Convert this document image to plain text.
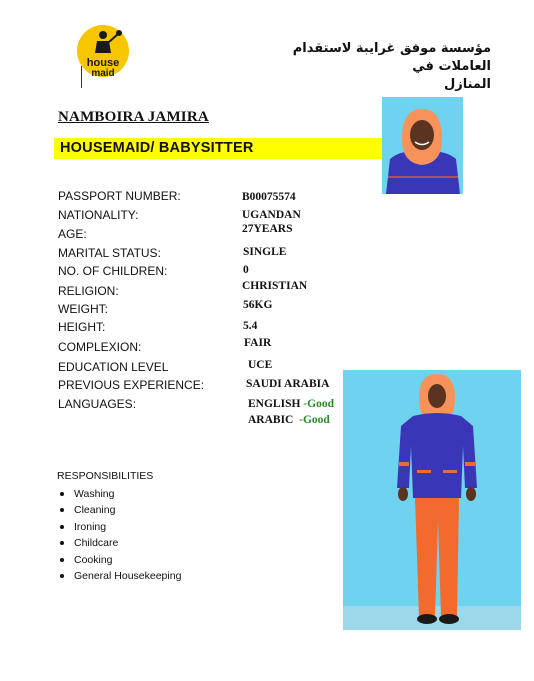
house
maid
مؤسسة موفق غرايبة لاستقدام العاملات في
المنازل
NAMBOIRA JAMIRA
HOUSEMAID/ BABYSITTER
PASSPORT NUMBER:
NATIONALITY:
AGE:
MARITAL STATUS:
NO. OF CHILDREN:
RELIGION:
WEIGHT:
HEIGHT:
COMPLEXION:
EDUCATION LEVEL
PREVIOUS EXPERIENCE:
LANGUAGES:
B00075574
UGANDAN
27YEARS
SINGLE
0
CHRISTIAN
56KG
5.4
FAIR
UCE
SAUDI ARABIA
ENGLISH -Good
ARABIC -Good
RESPONSIBILITIES
Washing
Cleaning
Ironing
Childcare
Cooking
General Housekeeping
